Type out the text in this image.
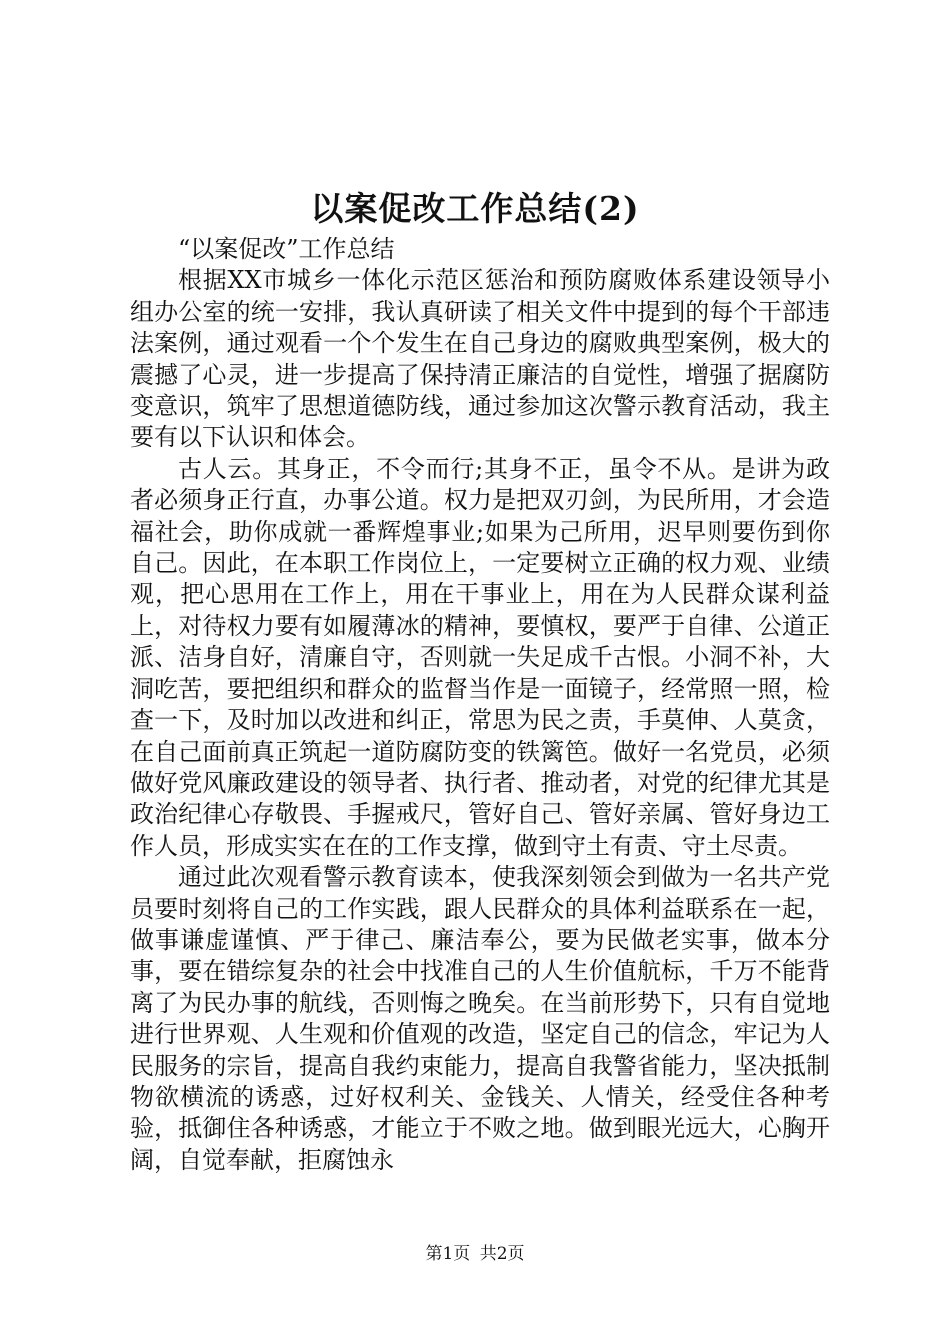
以案促改工作总结(2)

“以案促改”工作总结

根据XX市城乡一体化示范区惩治和预防腐败体系建设领导小组办公室的统一安排，我认真研读了相关文件中提到的每个干部违法案例，通过观看一个个发生在自己身边的腐败典型案例，极大的震撼了心灵，进一步提高了保持清正廉洁的自觉性，增强了据腐防变意识，筑牢了思想道德防线，通过参加这次警示教育活动，我主要有以下认识和体会。

古人云。其身正，不令而行;其身不正，虽令不从。是讲为政者必须身正行直，办事公道。权力是把双刃剑，为民所用，才会造福社会，助你成就一番辉煌事业;如果为己所用，迟早则要伤到你自己。因此，在本职工作岗位上，一定要树立正确的权力观、业绩观，把心思用在工作上，用在干事业上，用在为人民群众谋利益上，对待权力要有如履薄冰的精神，要慎权，要严于自律、公道正派、洁身自好，清廉自守，否则就一失足成千古恨。小洞不补，大洞吃苦，要把组织和群众的监督当作是一面镜子，经常照一照，检查一下，及时加以改进和纠正，常思为民之责，手莫伸、人莫贪，在自己面前真正筑起一道防腐防变的铁篱笆。做好一名党员，必须做好党风廉政建设的领导者、执行者、推动者，对党的纪律尤其是政治纪律心存敬畏、手握戒尺，管好自己、管好亲属、管好身边工作人员，形成实实在在的工作支撑，做到守土有责、守土尽责。

通过此次观看警示教育读本，使我深刻领会到做为一名共产党员要时刻将自己的工作实践，跟人民群众的具体利益联系在一起，做事谦虚谨慎、严于律己、廉洁奉公，要为民做老实事，做本分事，要在错综复杂的社会中找准自己的人生价值航标，千万不能背离了为民办事的航线，否则悔之晚矣。在当前形势下，只有自觉地进行世界观、人生观和价值观的改造，坚定自己的信念，牢记为人民服务的宗旨，提高自我约束能力，提高自我警省能力，坚决抵制物欲横流的诱惑，过好权利关、金钱关、人情关，经受住各种考验，抵御住各种诱惑，才能立于不败之地。做到眼光远大，心胸开阔，自觉奉献，拒腐蚀永

第1页 共2页
